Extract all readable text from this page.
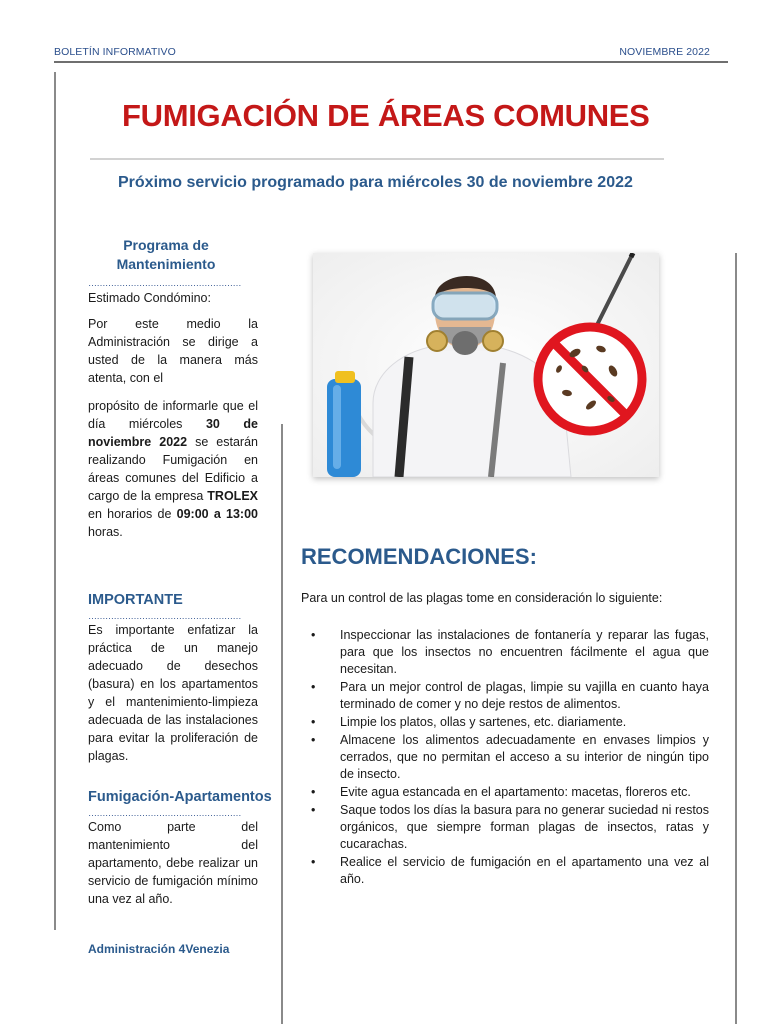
BOLETÍN INFORMATIVO	NOVIEMBRE 2022
FUMIGACIÓN DE ÁREAS COMUNES
Próximo servicio programado para miércoles 30 de noviembre 2022
Programa de Mantenimiento
………………………………………………

Estimado Condómino:

Por este medio la Administración se dirige a usted de la manera más atenta, con el

propósito de informarle que el día miércoles 30 de noviembre 2022 se estarán realizando Fumigación en áreas comunes del Edificio a cargo de la empresa TROLEX en horarios de 09:00 a 13:00 horas.

IMPORTANTE
………………………………………………

Es importante enfatizar la práctica de un manejo adecuado de desechos (basura) en los apartamentos y el mantenimiento-limpieza adecuada de las instalaciones para evitar la proliferación de plagas.

Fumigación-Apartamentos
………………………………………………

Como parte del mantenimiento del apartamento, debe realizar un servicio de fumigación mínimo una vez al año.

Administración 4Venezia
RECOMENDACIONES:
Para un control de las plagas tome en consideración lo siguiente:
• Inspeccionar las instalaciones de fontanería y reparar las fugas, para que los insectos no encuentren fácilmente el agua que necesitan.
• Para un mejor control de plagas, limpie su vajilla en cuanto haya terminado de comer y no deje restos de alimentos.
• Limpie los platos, ollas y sartenes, etc. diariamente.
• Almacene los alimentos adecuadamente en envases limpios y cerrados, que no permitan el acceso a su interior de ningún tipo de insecto.
• Evite agua estancada en el apartamento: macetas, floreros etc.
• Saque todos los días la basura para no generar suciedad ni restos orgánicos, que siempre forman plagas de insectos, ratas y cucarachas.
• Realice el servicio de fumigación en el apartamento una vez al año.
